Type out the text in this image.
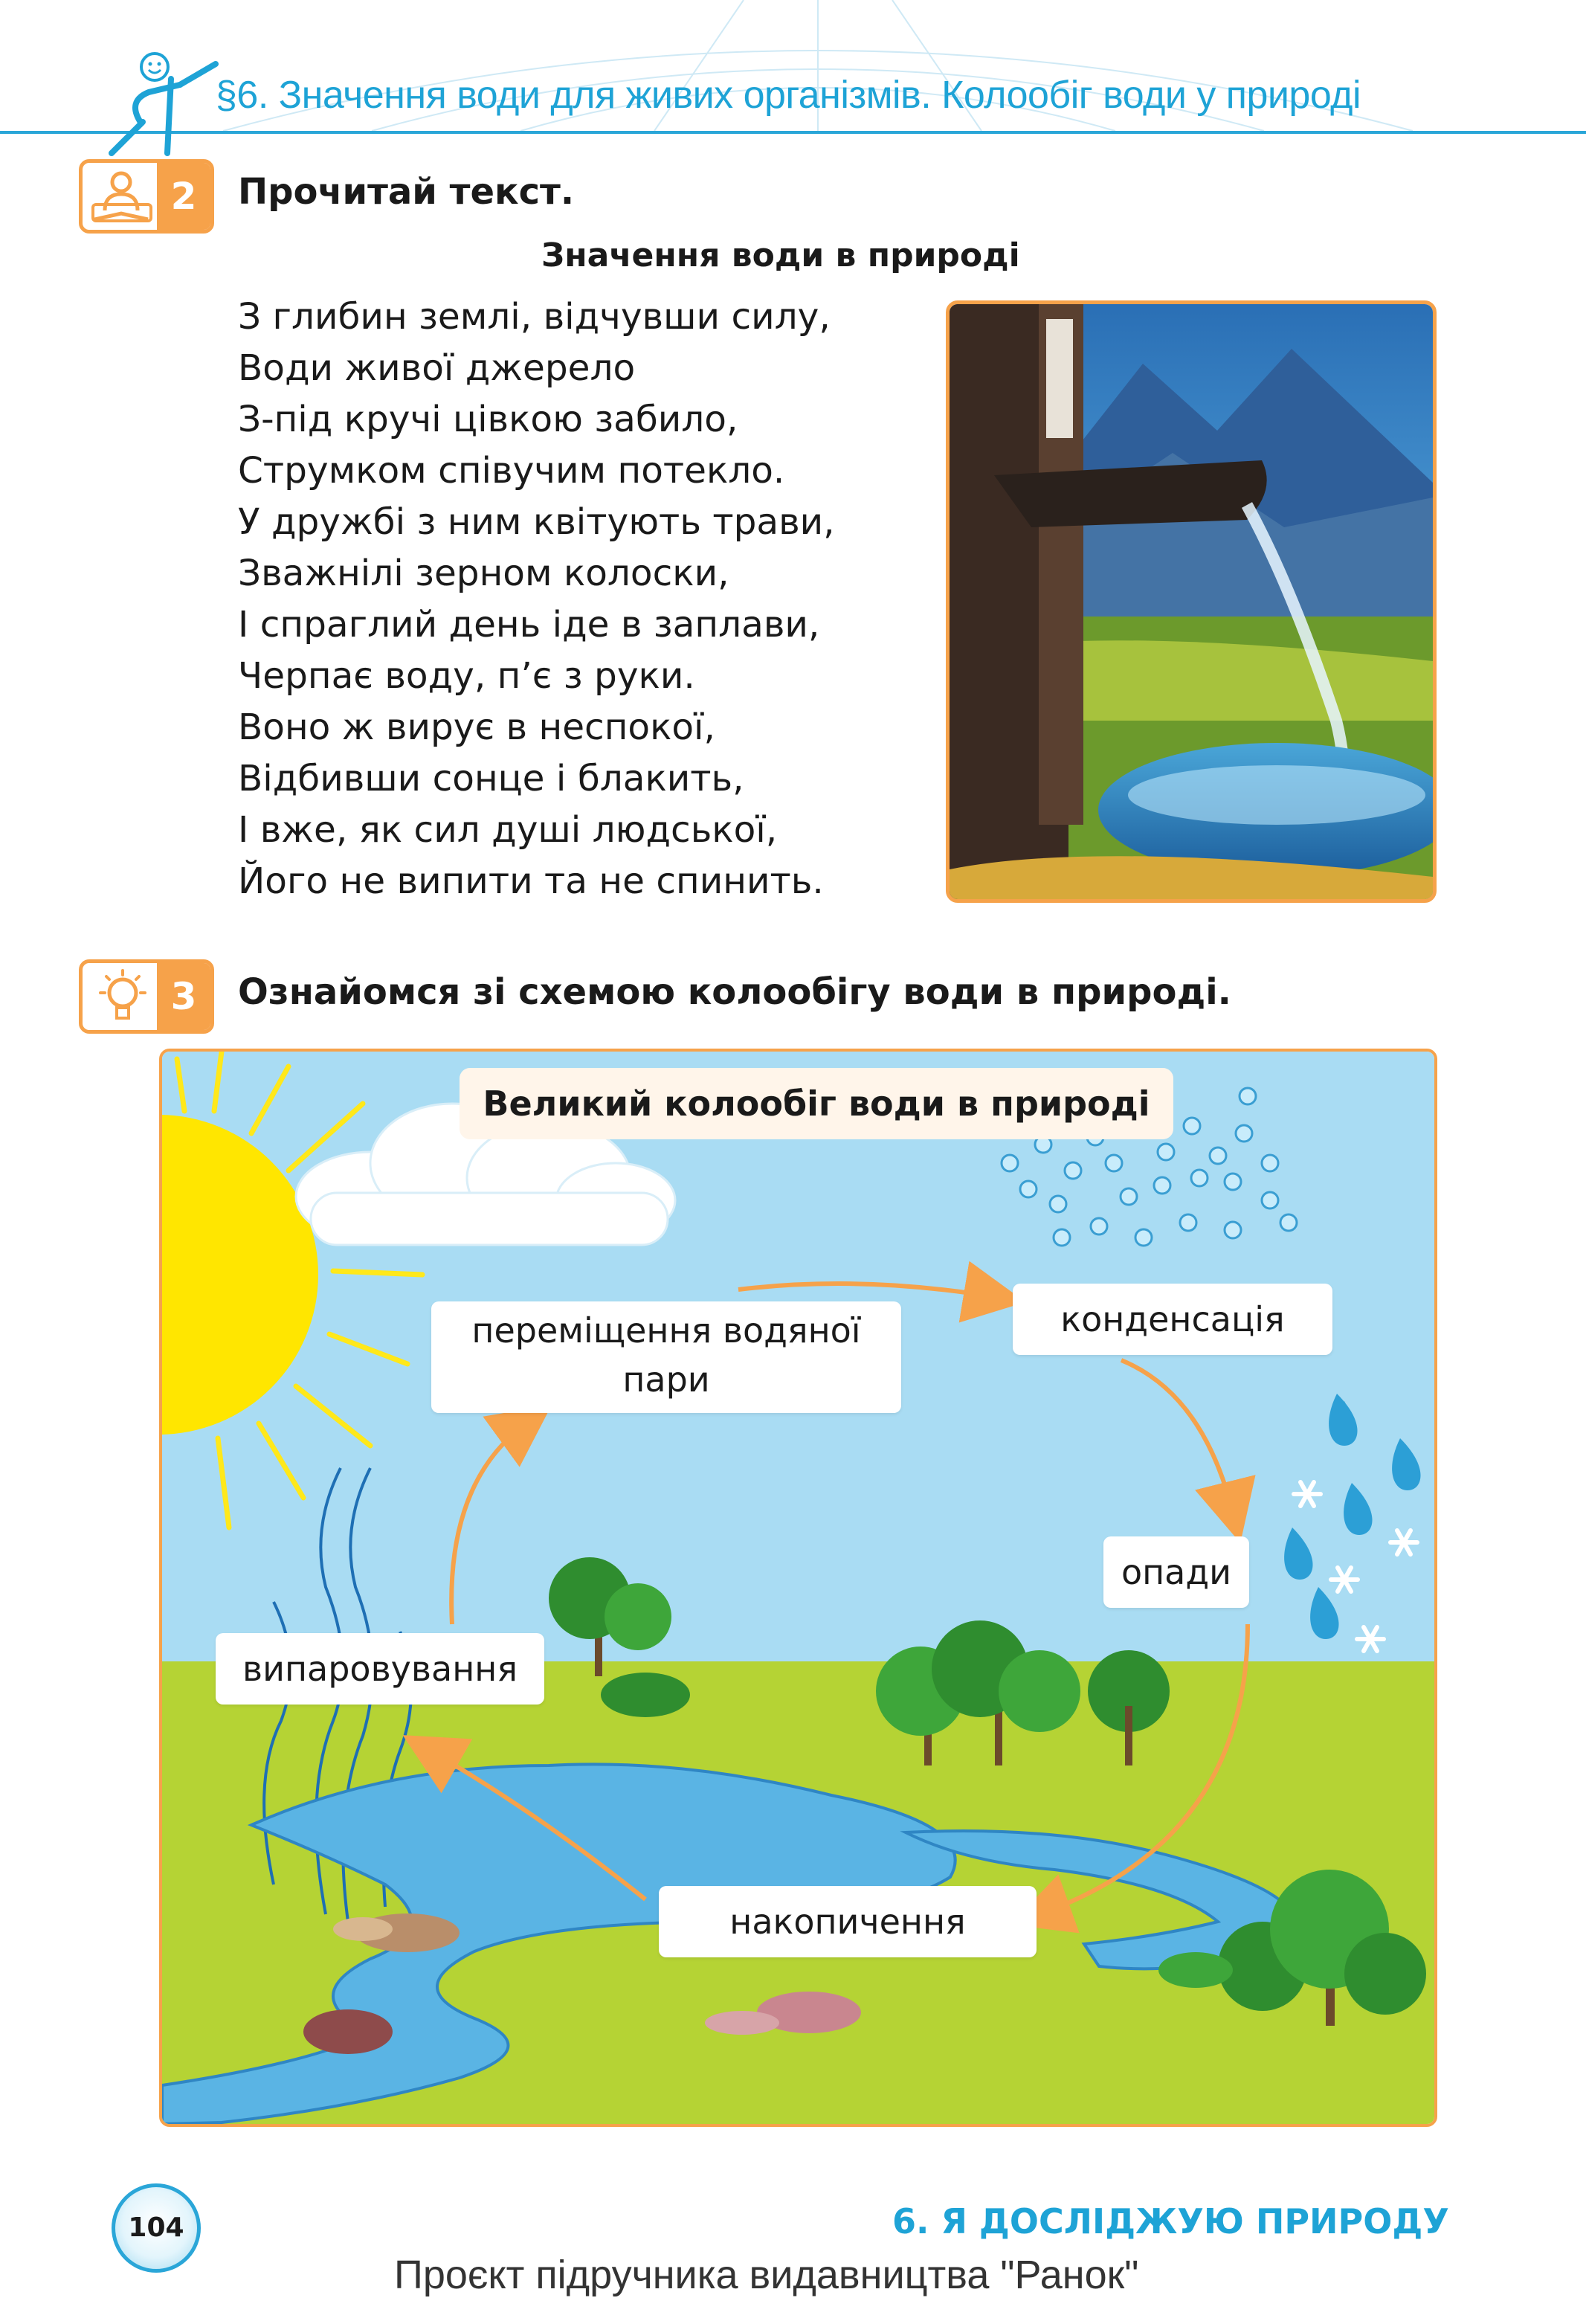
§6. Значення води для живих організмів. Колообіг води у природі
2	Прочитай текст.
Значення води в природі
З глибин землі, відчувши силу,
Води живої джерело
З-під кручі цівкою забило,
Струмком співучим потекло.
У дружбі з ним квітують трави,
Зважнілі зерном колоски,
І спраглий день іде в заплави,
Черпає воду, п’є з руки.
Воно ж вирує в неспокої,
Відбивши сонце і блакить,
І вже, як сил душі людської,
Його не випити та не спинить.
3	Ознайомся зі схемою колообігу води в природі.
Великий колообіг води в природі
переміщення водяної
пари
конденсація
опади
випаровування
накопичення
104	6. Я ДОСЛІДЖУЮ ПРИРОДУ
Проєкт підручника видавництва "Ранок"
